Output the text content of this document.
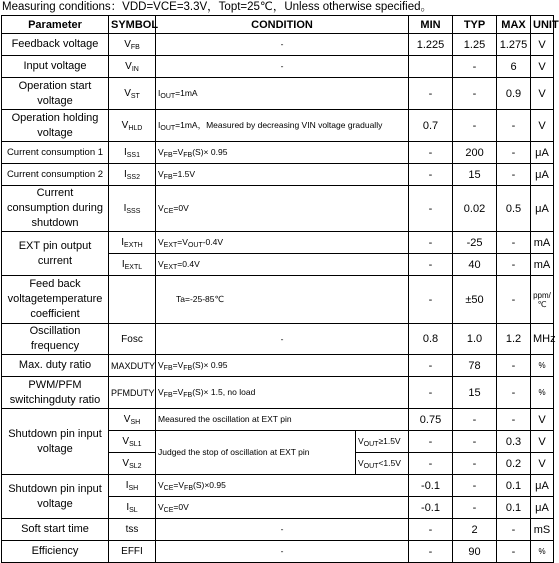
Measuring conditions：VDD=VCE=3.3V，Topt=25℃，Unless otherwise specified。
Parameter	SYMBOL	CONDITION		MIN	TYP	MAX	UNIT	
Feedback voltage	$V_{FB}$	-		1.225	1.25	1.275	V	
Input voltage	$V_{IN}$	-			-	6	V	
Operation start voltage	$V_{ST}$	$I_{OUT}=1mA$		-	-	0.9	V	
Operation holding voltage	$V_{HLD}$	$I_{OUT}=1mA$，Measured by decreasing VIN voltage gradually		0.7	-	-	V	
Current consumption 1	$I_{SS1}$	$V_{FB}=V_{FB}(S)\times 0.95$		-	200	-	μA	
Current consumption 2	$I_{SS2}$	$V_{FB}=1.5V$		-	15	-	μA	
Current consumption during shutdown	$I_{SSS}$	$V_{CE}=0V$		-	0.02	0.5	μA	
EXT pin output current	$I_{EXTH}$	$V_{EXT}=V_{OUT}-0.4V$		-	-25	-	mA	
	$I_{EXTL}$	$V_{EXT}=0.4V$		-	40	-	mA	
Feed back voltagetemperature coefficient		Ta=-25-85℃		-	±50	-	ppm/℃	
Oscillation frequency	Fosc	-		0.8	1.0	1.2	MHz	
Max. duty ratio	MAXDUTY	$V_{FB}=V_{FB}(S)\times 0.95$		-	78	-	%	
PWM/PFM switchingduty ratio	PFMDUTY	$V_{FB}=V_{FB}(S)\times 1.5$, no load		-	15	-	%	
Shutdown pin input voltage	$V_{SH}$	Measured the oscillation at EXT pin		0.75	-	-	V	
	$V_{SL1}$	Judged the stop of oscillation at EXT pin	$V_{OUT}\ge 1.5V$	-	-	0.3	V	
	$V_{SL2}$		$V_{OUT}<1.5V$	-	-	0.2	V	
Shutdown pin input voltage	$I_{SH}$	$V_{CE}=V_{FB}(S)\times 0.95$		-0.1	-	0.1	μA	
	$I_{SL}$	$V_{CE}=0V$		-0.1	-	0.1	μA	
Soft start time	tss	-		-	2	-	mS	
Efficiency	EFFI	-		-	90	-	%	
